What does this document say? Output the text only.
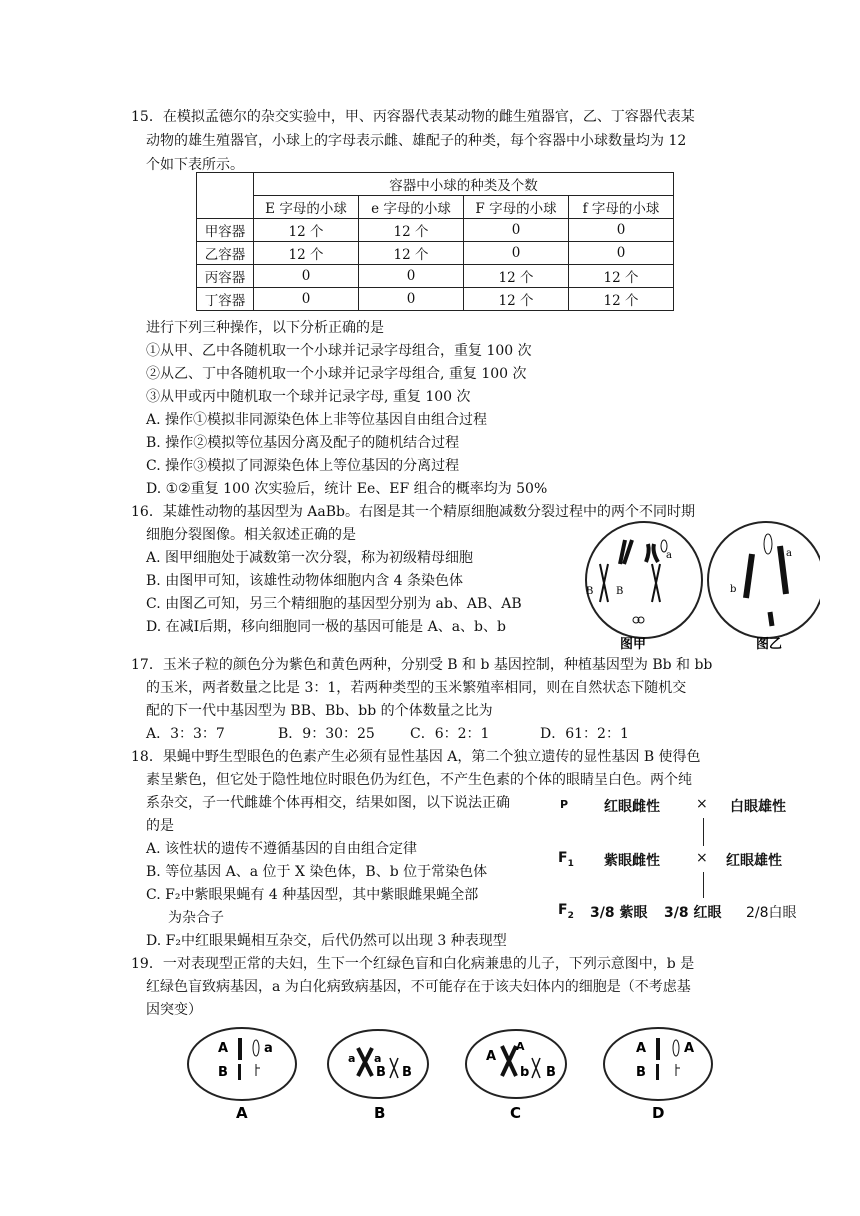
15．在模拟孟德尔的杂交实验中，甲、丙容器代表某动物的雌生殖器官，乙、丁容器代表某
动物的雄生殖器官，小球上的字母表示雌、雄配子的种类，每个容器中小球数量均为 12
个如下表所示。
	容器中小球的种类及个数			
	E 字母的小球	e 字母的小球	F 字母的小球	f 字母的小球
甲容器	12 个	12 个	0	0
乙容器	12 个	12 个	0	0
丙容器	0	0	12 个	12 个
丁容器	0	0	12 个	12 个
进行下列三种操作，以下分析正确的是
①从甲、乙中各随机取一个小球并记录字母组合，重复 100 次
②从乙、丁中各随机取一个小球并记录字母组合, 重复 100 次
③从甲或丙中随机取一个球并记录字母, 重复 100 次
A. 操作①模拟非同源染色体上非等位基因自由组合过程
B. 操作②模拟等位基因分离及配子的随机结合过程
C. 操作③模拟了同源染色体上等位基因的分离过程
D. ①②重复 100 次实验后，统计 Ee、EF 组合的概率均为 50%
16．某雄性动物的基因型为 AaBb。右图是其一个精原细胞减数分裂过程中的两个不同时期
细胞分裂图像。相关叙述正确的是
A. 图甲细胞处于减数第一次分裂，称为初级精母细胞
B. 由图甲可知，该雄性动物体细胞内含 4 条染色体
C. 由图乙可知，另三个精细胞的基因型分别为 ab、AB、AB
D. 在减Ⅰ后期，移向细胞同一极的基因可能是 A、a、b、b
a
B B
a
b
图甲	图乙
17．玉米子粒的颜色分为紫色和黄色两种，分别受 B 和 b 基因控制，种植基因型为 Bb 和 bb
的玉米，两者数量之比是 3：1，若两种类型的玉米繁殖率相同，则在自然状态下随机交
配的下一代中基因型为 BB、Bb、bb 的个体数量之比为
A．3：3：7	B．9：30：25	C．6：2：1	D．61：2：1
18．果蝇中野生型眼色的色素产生必须有显性基因 A，第二个独立遗传的显性基因 B 使得色
素呈紫色，但它处于隐性地位时眼色仍为红色，不产生色素的个体的眼睛呈白色。两个纯
系杂交，子一代雌雄个体再相交，结果如图，以下说法正确
的是
A. 该性状的遗传不遵循基因的自由组合定律
B. 等位基因 A、a 位于 X 染色体，B、b 位于常染色体
C. F₂中紫眼果蝇有 4 种基因型，其中紫眼雌果蝇全部
为杂合子
D. F₂中红眼果蝇相互杂交，后代仍然可以出现 3 种表现型
P	红眼雌性	× 白眼雄性
$F_1$ 紫眼雌性	× 红眼雄性
$F_2$ 3/8 紫眼 3/8 红眼 2/8白眼
19．一对表现型正常的夫妇，生下一个红绿色盲和白化病兼患的儿子，下列示意图中，b 是
红绿色盲致病基因，a 为白化病致病基因，不可能存在于该夫妇体内的细胞是（不考虑基
因突变）
A	a
B
A
a a
B B
B
A
A
b B
C
A	A
B
D
